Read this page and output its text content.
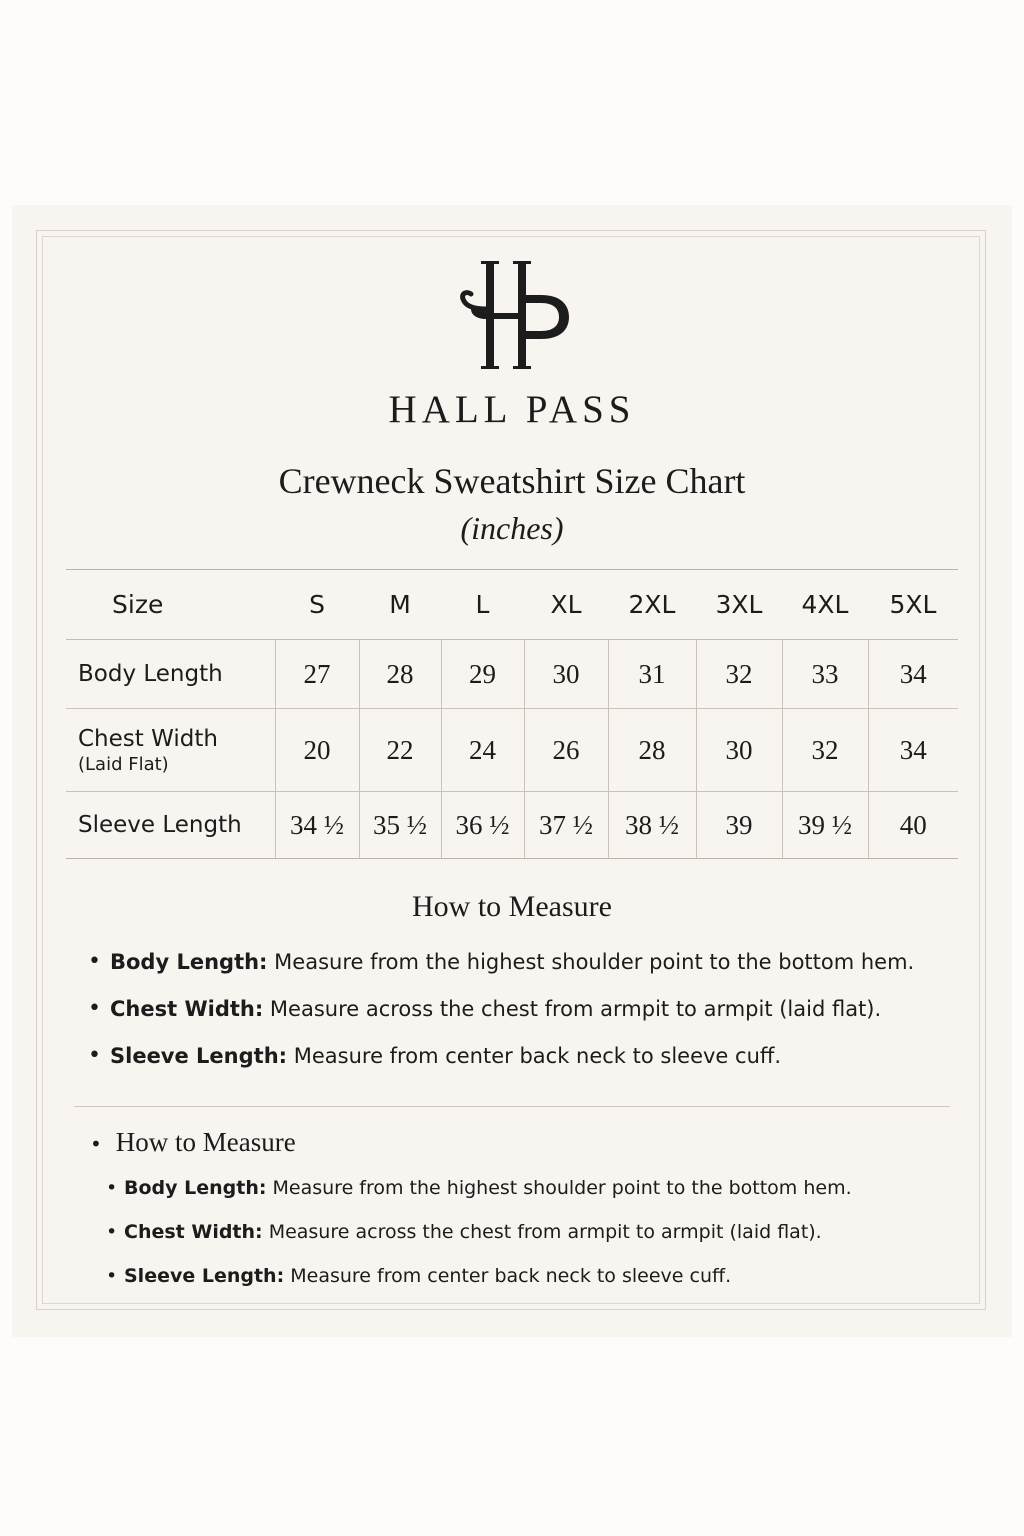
HALL PASS
Crewneck Sweatshirt Size Chart
(inches)
Size	S	M	L	XL	2XL	3XL	4XL	5XL
Body Length	27	28	29	30	31	32	33	34
Chest Width
(Laid Flat)	20	22	24	26	28	30	32	34
Sleeve Length	34 ½	35 ½	36 ½	37 ½	38 ½	39	39 ½	40
How to Measure
• Body Length: Measure from the highest shoulder point to the bottom hem.
• Chest Width: Measure across the chest from armpit to armpit (laid flat).
• Sleeve Length: Measure from center back neck to sleeve cuff.
• How to Measure
• Body Length: Measure from the highest shoulder point to the bottom hem.
• Chest Width: Measure across the chest from armpit to armpit (laid flat).
• Sleeve Length: Measure from center back neck to sleeve cuff.
